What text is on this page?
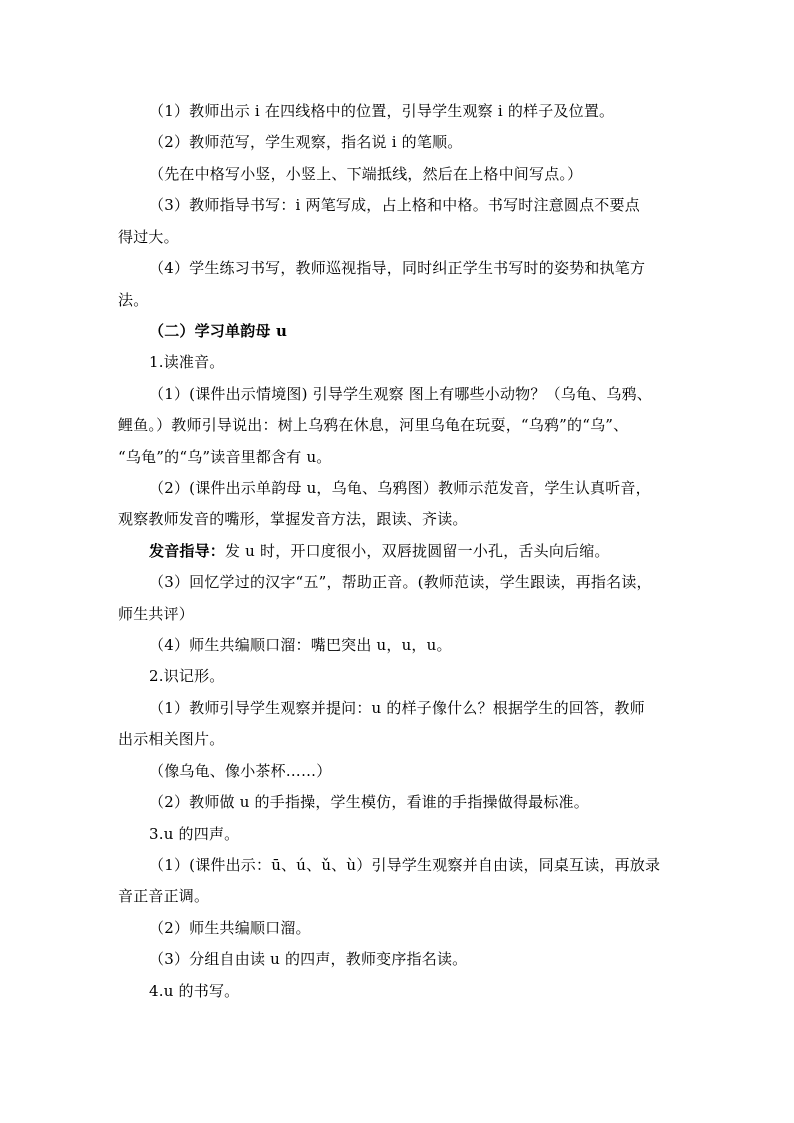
（1）教师出示 i 在四线格中的位置，引导学生观察 i 的样子及位置。
（2）教师范写，学生观察，指名说 i 的笔顺。
（先在中格写小竖，小竖上、下端抵线，然后在上格中间写点。）
（3）教师指导书写：i 两笔写成，占上格和中格。书写时注意圆点不要点
得过大。
（4）学生练习书写，教师巡视指导，同时纠正学生书写时的姿势和执笔方
法。
（二）学习单韵母 u
1.读准音。
（1）(课件出示情境图) 引导学生观察 图上有哪些小动物？（乌龟、乌鸦、
鲤鱼。）教师引导说出：树上乌鸦在休息，河里乌龟在玩耍，“乌鸦”的“乌”、
“乌龟”的“乌”读音里都含有 u。
（2）(课件出示单韵母 u，乌龟、乌鸦图）教师示范发音，学生认真听音，
观察教师发音的嘴形，掌握发音方法，跟读、齐读。
发音指导：发 u 时，开口度很小，双唇拢圆留一小孔，舌头向后缩。
（3）回忆学过的汉字“五”，帮助正音。(教师范读，学生跟读，再指名读，
师生共评）
（4）师生共编顺口溜：嘴巴突出 u，u，u。
2.识记形。
（1）教师引导学生观察并提问：u 的样子像什么？根据学生的回答，教师
出示相关图片。
（像乌龟、像小茶杯……）
（2）教师做 u 的手指操，学生模仿，看谁的手指操做得最标准。
3.u 的四声。
（1）(课件出示：ū、ú、ǔ、ù）引导学生观察并自由读，同桌互读，再放录
音正音正调。
（2）师生共编顺口溜。
（3）分组自由读 u 的四声，教师变序指名读。
4.u 的书写。
